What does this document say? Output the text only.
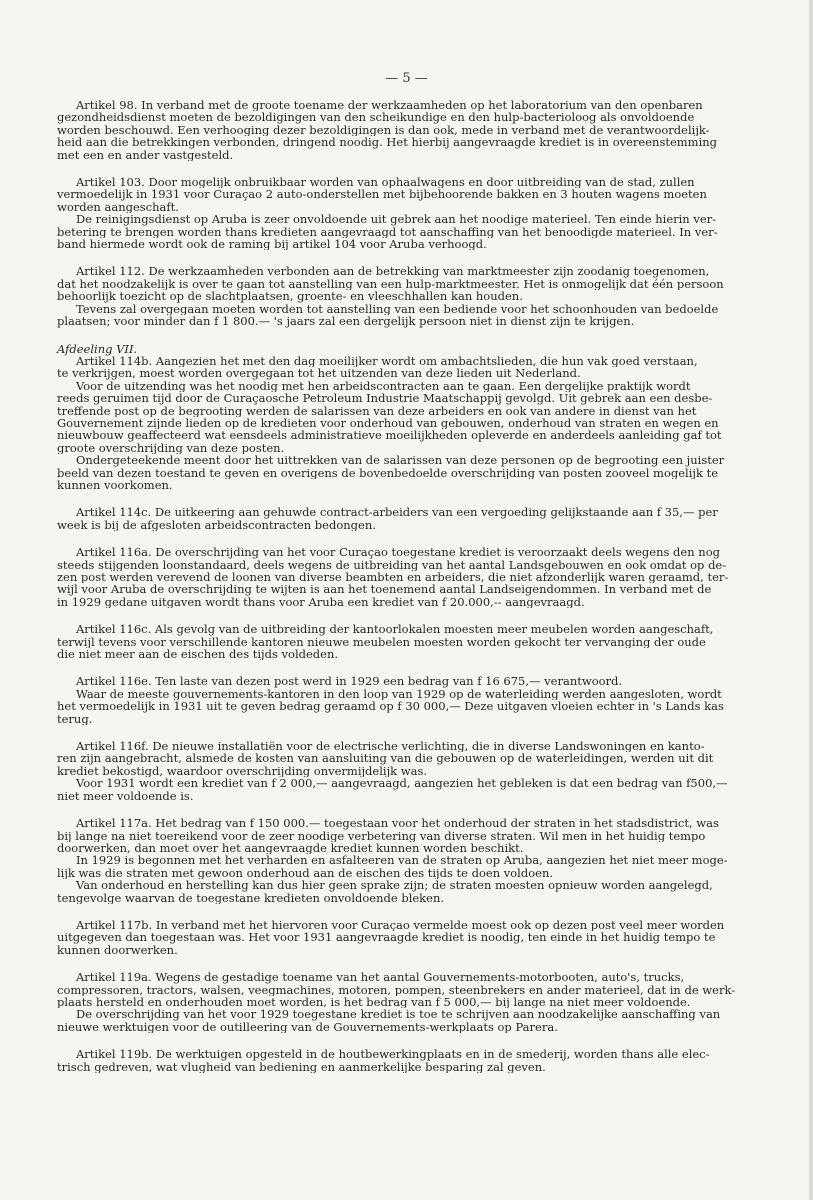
— 5 —
Artikel 98. In verband met de groote toename der werkzaamheden op het laboratorium van den openbaren
gezondheidsdienst moeten de bezoldigingen van den scheikundige en den hulp-bacterioloog als onvoldoende
worden beschouwd. Een verhooging dezer bezoldigingen is dan ook, mede in verband met de verantwoordelijk-
heid aan die betrekkingen verbonden, dringend noodig. Het hierbij aangevraagde krediet is in overeenstemming
met een en ander vastgesteld.
Artikel 103. Door mogelijk onbruikbaar worden van ophaalwagens en door uitbreiding van de stad, zullen
vermoedelijk in 1931 voor Curaçao 2 auto-onderstellen met bijbehoorende bakken en 3 houten wagens moeten
worden aangeschaft.
De reinigingsdienst op Aruba is zeer onvoldoende uit gebrek aan het noodige materieel. Ten einde hierin ver-
betering te brengen worden thans kredieten aangevraagd tot aanschaffing van het benoodigde materieel. In ver-
band hiermede wordt ook de raming bij artikel 104 voor Aruba verhoogd.
Artikel 112. De werkzaamheden verbonden aan de betrekking van marktmeester zijn zoodanig toegenomen,
dat het noodzakelijk is over te gaan tot aanstelling van een hulp-marktmeester. Het is onmogelijk dat één persoon
behoorlijk toezicht op de slachtplaatsen, groente- en vleeschhallen kan houden.
Tevens zal overgegaan moeten worden tot aanstelling van een bediende voor het schoonhouden van bedoelde
plaatsen; voor minder dan f 1 800.— 's jaars zal een dergelijk persoon niet in dienst zijn te krijgen.

Afdeeling VII.

Artikel 114b. Aangezien het met den dag moeilijker wordt om ambachtslieden, die hun vak goed verstaan,
te verkrijgen, moest worden overgegaan tot het uitzenden van deze lieden uit Nederland.
Voor de uitzending was het noodig met hen arbeidscontracten aan te gaan. Een dergelijke praktijk wordt
reeds geruimen tijd door de Curaçaosche Petroleum Industrie Maatschappij gevolgd. Uit gebrek aan een desbe-
treffende post op de begrooting werden de salarissen van deze arbeiders en ook van andere in dienst van het
Gouvernement zijnde lieden op de kredieten voor onderhoud van gebouwen, onderhoud van straten en wegen en
nieuwbouw geaffecteerd wat eensdeels administratieve moeilijkheden opleverde en anderdeels aanleiding gaf tot
groote overschrijding van deze posten.
Ondergeteekende meent door het uittrekken van de salarissen van deze personen op de begrooting een juister
beeld van dezen toestand te geven en overigens de bovenbedoelde overschrijding van posten zooveel mogelijk te
kunnen voorkomen.
Artikel 114c. De uitkeering aan gehuwde contract-arbeiders van een vergoeding gelijkstaande aan f 35,— per
week is bij de afgesloten arbeidscontracten bedongen.
Artikel 116a. De overschrijding van het voor Curaçao toegestane krediet is veroorzaakt deels wegens den nog
steeds stijgenden loonstandaard, deels wegens de uitbreiding van het aantal Landsgebouwen en ook omdat op de-
zen post werden verevend de loonen van diverse beambten en arbeiders, die niet afzonderlijk waren geraamd, ter-
wijl voor Aruba de overschrijding te wijten is aan het toenemend aantal Landseigendommen. In verband met de
in 1929 gedane uitgaven wordt thans voor Aruba een krediet van f 20.000,-- aangevraagd.
Artikel 116c. Als gevolg van de uitbreiding der kantoorlokalen moesten meer meubelen worden aangeschaft,
terwijl tevens voor verschillende kantoren nieuwe meubelen moesten worden gekocht ter vervanging der oude
die niet meer aan de eischen des tijds voldeden.
Artikel 116e. Ten laste van dezen post werd in 1929 een bedrag van f 16 675,— verantwoord.
Waar de meeste gouvernements-kantoren in den loop van 1929 op de waterleiding werden aangesloten, wordt
het vermoedelijk in 1931 uit te geven bedrag geraamd op f 30 000,— Deze uitgaven vloeien echter in 's Lands kas
terug.
Artikel 116f. De nieuwe installatiën voor de electrische verlichting, die in diverse Landswoningen en kanto-
ren zijn aangebracht, alsmede de kosten van aansluiting van die gebouwen op de waterleidingen, werden uit dit
krediet bekostigd, waardoor overschrijding onvermijdelijk was.
Voor 1931 wordt een krediet van f 2 000,— aangevraagd, aangezien het gebleken is dat een bedrag van f500,—
niet meer voldoende is.
Artikel 117a. Het bedrag van f 150 000.— toegestaan voor het onderhoud der straten in het stadsdistrict, was
bij lange na niet toereikend voor de zeer noodige verbetering van diverse straten. Wil men in het huidig tempo
doorwerken, dan moet over het aangevraagde krediet kunnen worden beschikt.
In 1929 is begonnen met het verharden en asfalteeren van de straten op Aruba, aangezien het niet meer moge-
lijk was die straten met gewoon onderhoud aan de eischen des tijds te doen voldoen.
Van onderhoud en herstelling kan dus hier geen sprake zijn; de straten moesten opnieuw worden aangelegd,
tengevolge waarvan de toegestane kredieten onvoldoende bleken.
Artikel 117b. In verband met het hiervoren voor Curaçao vermelde moest ook op dezen post veel meer worden
uitgegeven dan toegestaan was. Het voor 1931 aangevraagde krediet is noodig, ten einde in het huidig tempo te
kunnen doorwerken.
Artikel 119a. Wegens de gestadige toename van het aantal Gouvernements-motorbooten, auto's, trucks,
compressoren, tractors, walsen, veegmachines, motoren, pompen, steenbrekers en ander materieel, dat in de werk-
plaats hersteld en onderhouden moet worden, is het bedrag van f 5 000,— bij lange na niet meer voldoende.
De overschrijding van het voor 1929 toegestane krediet is toe te schrijven aan noodzakelijke aanschaffing van
nieuwe werktuigen voor de outilleering van de Gouvernements-werkplaats op Parera.
Artikel 119b. De werktuigen opgesteld in de houtbewerkingplaats en in de smederij, worden thans alle elec-
trisch gedreven, wat vlugheid van bediening en aanmerkelijke besparing zal geven.
